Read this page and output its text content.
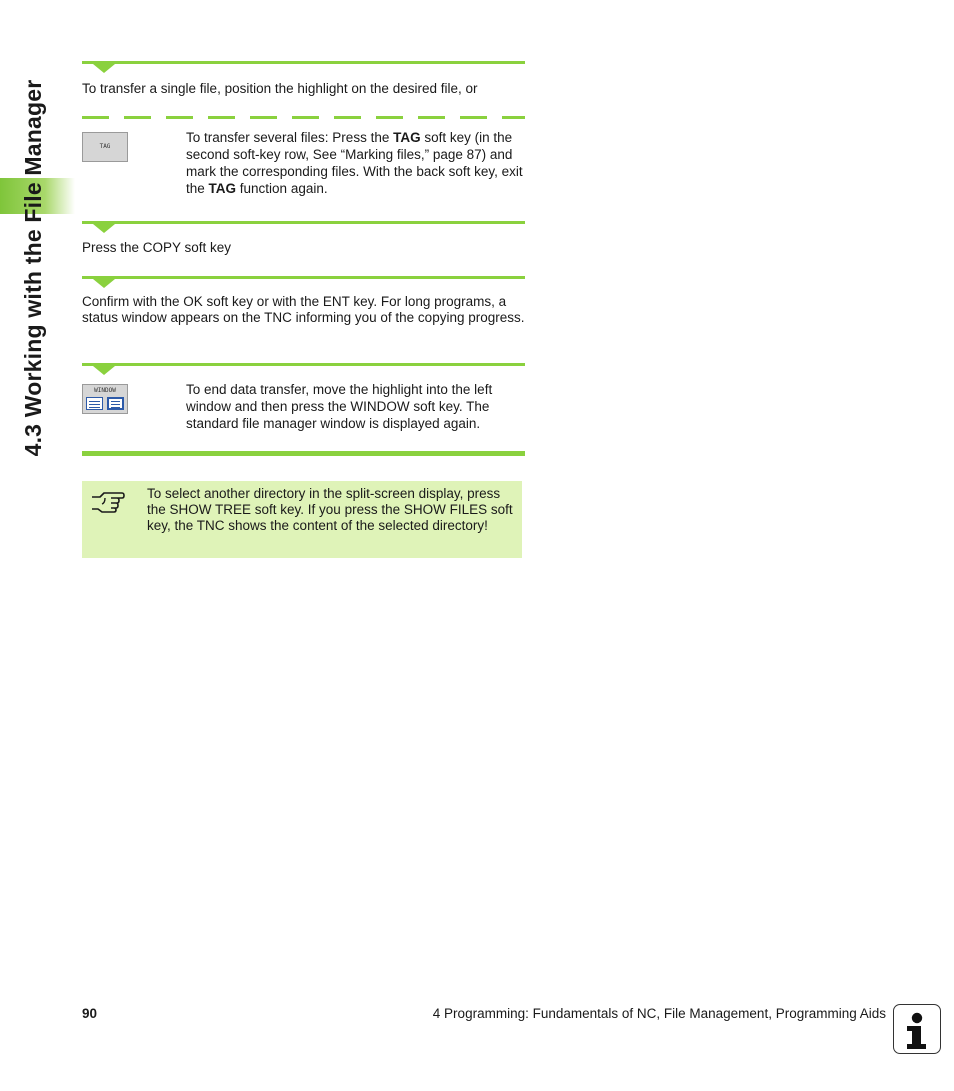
4.3 Working with the File Manager	To transfer a single file, position the highlight on the desired file, or
TAG
To transfer several files: Press the TAG soft key (in the second soft-key row, See “Marking files,” page 87) and mark the corresponding files. With the back soft key, exit the TAG function again.
Press the COPY soft key
Confirm with the OK soft key or with the ENT key. For long programs, a status window appears on the TNC informing you of the copying progress.
WINDOW	To end data transfer, move the highlight into the left window and then press the WINDOW soft key. The standard file manager window is displayed again.
To select another directory in the split-screen display, press the SHOW TREE soft key. If you press the SHOW FILES soft key, the TNC shows the content of the selected directory!
90	4 Programming: Fundamentals of NC, File Management, Programming Aids
